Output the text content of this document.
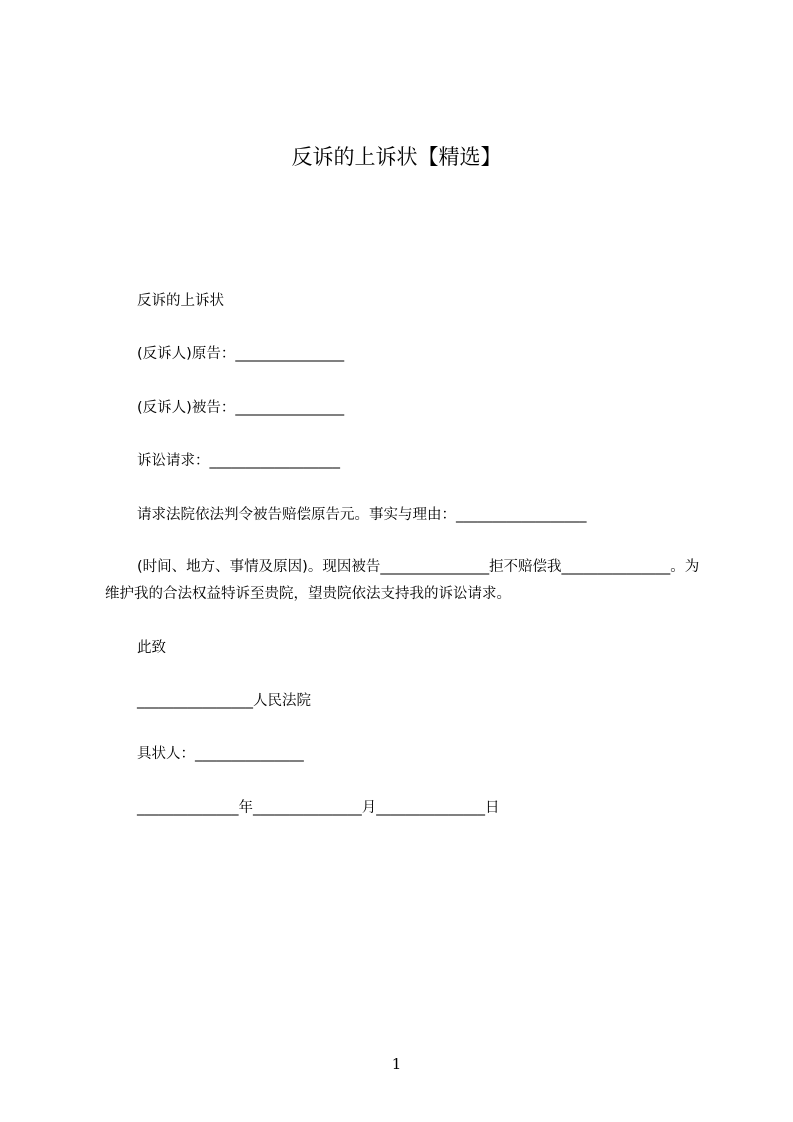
反诉的上诉状【精选】
反诉的上诉状
(反诉人)原告：_______________
(反诉人)被告：_______________
诉讼请求：__________________
请求法院依法判令被告赔偿原告元。事实与理由：__________________
(时间、地方、事情及原因)。现因被告_______________拒不赔偿我_______________。为维护我的合法权益特诉至贵院，望贵院依法支持我的诉讼请求。
此致
________________人民法院
具状人：_______________
______________年_______________月_______________日
1
